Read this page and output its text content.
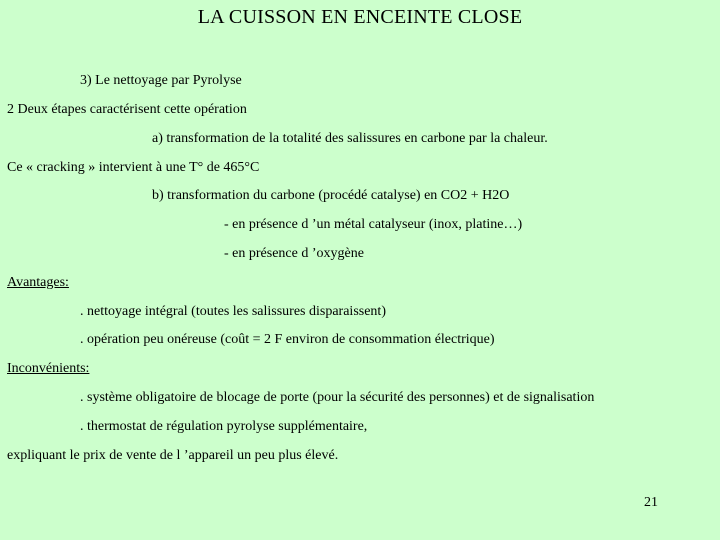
LA CUISSON EN ENCEINTE CLOSE
3) Le nettoyage par Pyrolyse
2 Deux étapes caractérisent cette opération
a) transformation de la totalité des salissures en carbone par la chaleur.
Ce « cracking » intervient à une T° de 465°C
b) transformation du carbone (procédé catalyse) en CO2 + H2O
- en présence d ’un métal catalyseur (inox, platine…)
- en présence d ’oxygène
Avantages:
. nettoyage intégral (toutes les salissures disparaissent)
. opération peu onéreuse (coût = 2 F environ de consommation électrique)
Inconvénients:
. système obligatoire de blocage de porte (pour la sécurité des personnes) et de signalisation
. thermostat de régulation pyrolyse supplémentaire,
expliquant le prix de vente de l ’appareil un peu plus élevé.
21
